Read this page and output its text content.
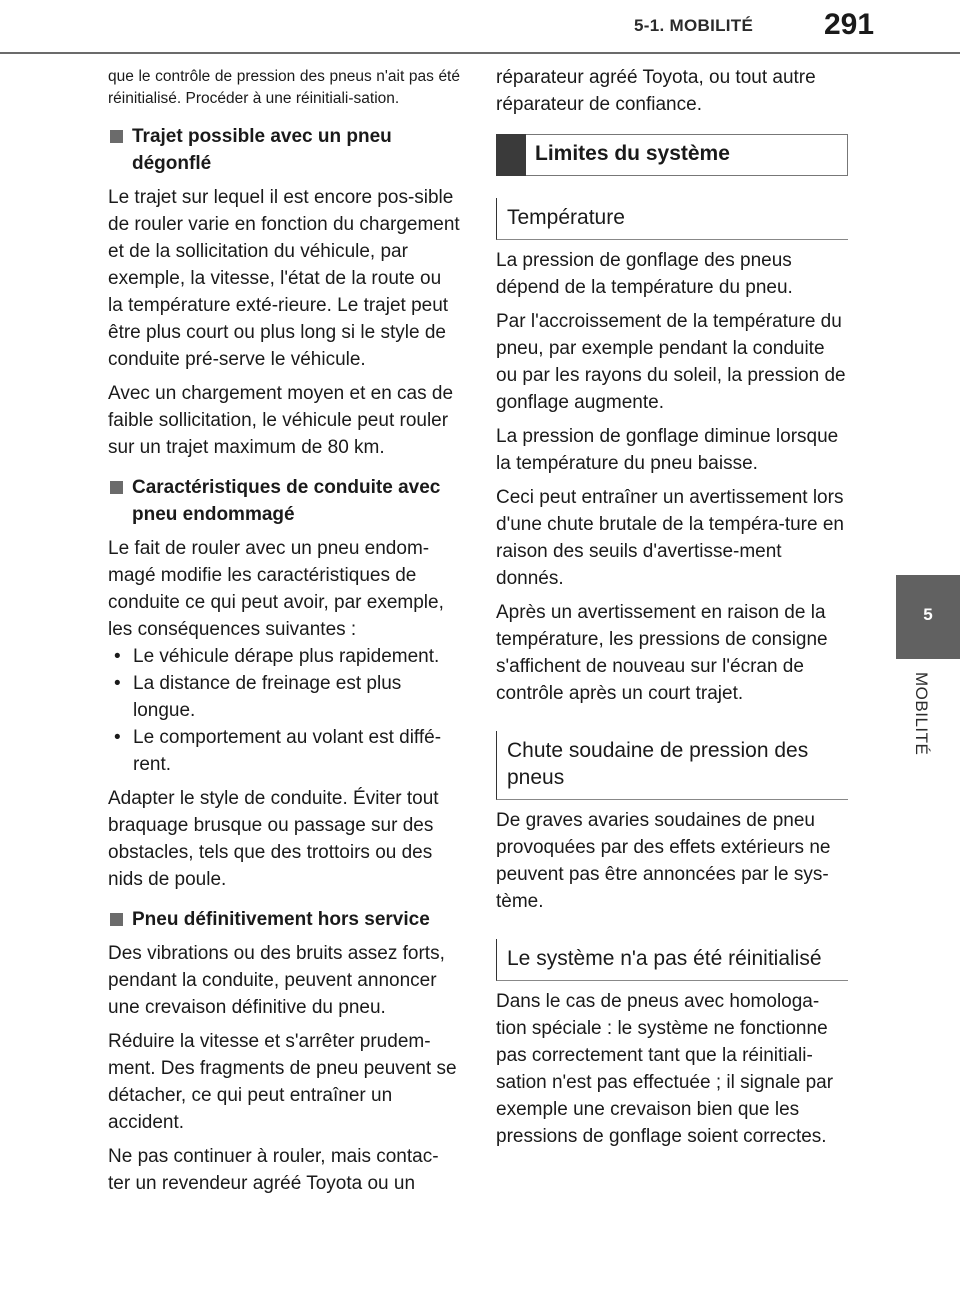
5-1. MOBILITÉ 291
5
MOBILITÉ

que le contrôle de pression des pneus n'ait pas été réinitialisé. Procéder à une réinitiali-sation.

Trajet possible avec un pneu dégonflé

Le trajet sur lequel il est encore pos-sible de rouler varie en fonction du chargement et de la sollicitation du véhicule, par exemple, la vitesse, l'état de la route ou la température exté-rieure. Le trajet peut être plus court ou plus long si le style de conduite pré-serve le véhicule.

Avec un chargement moyen et en cas de faible sollicitation, le véhicule peut rouler sur un trajet maximum de 80 km.

Caractéristiques de conduite avec pneu endommagé

Le fait de rouler avec un pneu endom-magé modifie les caractéristiques de conduite ce qui peut avoir, par exemple, les conséquences suivantes :

• Le véhicule dérape plus rapidement.
• La distance de freinage est plus longue.
• Le comportement au volant est diffé-rent.

Adapter le style de conduite. Éviter tout braquage brusque ou passage sur des obstacles, tels que des trottoirs ou des nids de poule.

Pneu définitivement hors service

Des vibrations ou des bruits assez forts, pendant la conduite, peuvent annoncer une crevaison définitive du pneu.

Réduire la vitesse et s'arrêter prudem-ment. Des fragments de pneu peuvent se détacher, ce qui peut entraîner un accident.

Ne pas continuer à rouler, mais contac-ter un revendeur agréé Toyota ou un

réparateur agréé Toyota, ou tout autre réparateur de confiance.

Limites du système
Température

La pression de gonflage des pneus dépend de la température du pneu.

Par l'accroissement de la température du pneu, par exemple pendant la conduite ou par les rayons du soleil, la pression de gonflage augmente.

La pression de gonflage diminue lorsque la température du pneu baisse.

Ceci peut entraîner un avertissement lors d'une chute brutale de la tempéra-ture en raison des seuils d'avertisse-ment donnés.

Après un avertissement en raison de la température, les pressions de consigne s'affichent de nouveau sur l'écran de contrôle après un court trajet.

Chute soudaine de pression des pneus

De graves avaries soudaines de pneu provoquées par des effets extérieurs ne peuvent pas être annoncées par le sys-tème.

Le système n'a pas été réinitialisé

Dans le cas de pneus avec homologa-tion spéciale : le système ne fonctionne pas correctement tant que la réinitiali-sation n'est pas effectuée ; il signale par exemple une crevaison bien que les pressions de gonflage soient correctes.
